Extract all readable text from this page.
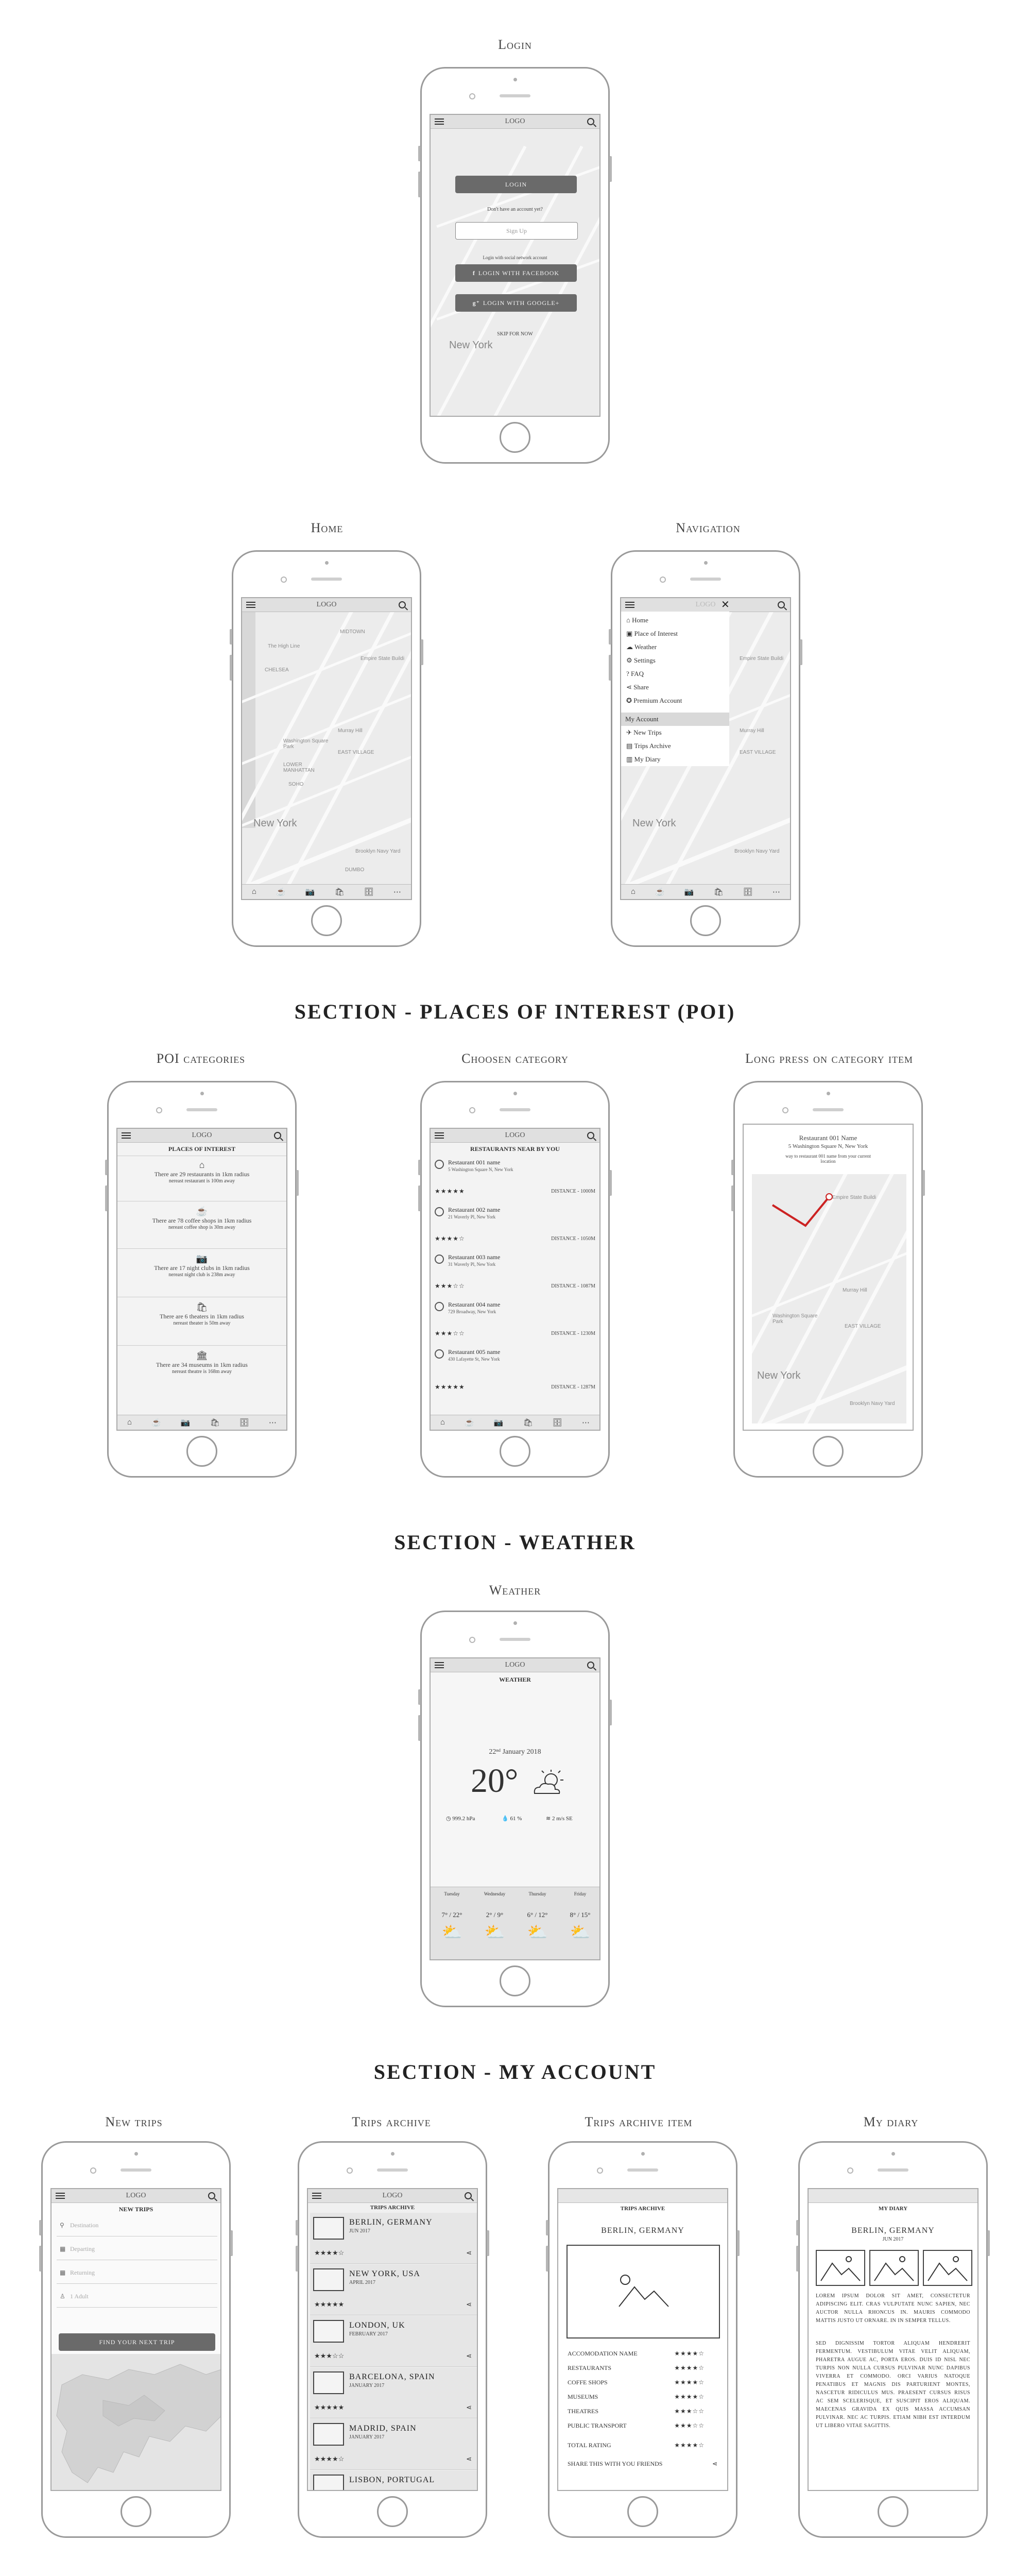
Login
Home	Navigation
SECTION - PLACES OF INTEREST (POI)
POI categories	Choosen category	Long press on category item
SECTION - WEATHER
Weather
SECTION - MY ACCOUNT
New trips	Trips archive	Trips archive item	My diary
New York
LOGO
LOGIN
Don't have an account yet?
Sign Up
Login with social network account
f LOGIN WITH FACEBOOK
g⁺ LOGIN WITH GOOGLE+
SKIP FOR NOW
MIDTOWN
The High Line
Empire State Buildi
CHELSEA
Murray Hill
Washington Square Park
EAST VILLAGE
LOWER MANHATTAN
SOHO
New York
Brooklyn Navy Yard
DUMBO
LOGO
⌂	☕	📷	🛍	🗄	⋯
Empire State Buildi
Murray Hill
EAST VILLAGE
New York
Brooklyn Navy Yard
LOGO ✕
⌂ Home
▣ Place of Interest
☁ Weather
⚙ Settings
? FAQ
⋖ Share
✪ Premium Account
My Account
✈ New Trips
▤ Trips Archive
▥ My Diary
⌂	☕	📷	🛍	🗄	⋯
LOGO
PLACES OF INTEREST
⌂
There are 29 restaurants in 1km radius
nereast restaurant is 100m away
☕
There are 78 coffee shops in 1km radius
nereast coffee shop is 30m away
📷
There are 17 night clubs in 1km radius
nereast night club is 238m away
🛍
There are 6 theaters in 1km radius
nereast theater is 50m away
🏛
There are 34 museums in 1km radius
nereast theatre is 168m away
⌂	☕	📷	🛍	🗄	⋯
LOGO
RESTAURANTS NEAR BY YOU
Restaurant 001 name
5 Washington Square N, New York
★★★★★	DISTANCE - 1000M
Restaurant 002 name
21 Waverly Pl, New York
★★★★☆	DISTANCE - 1050M
Restaurant 003 name
31 Waverly Pl, New York
★★★☆☆	DISTANCE - 1087M
Restaurant 004 name
729 Broadway, New York
★★★☆☆	DISTANCE - 1230M
Restaurant 005 name
430 Lafayette St, New York
★★★★★	DISTANCE - 1287M
⌂	☕	📷	🛍	🗄	⋯
Restaurant 001 Name
5 Washington Square N, New York
way to restaurant 001 name from your current location
Empire State Buildi
Murray Hill
Washington Square Park
EAST VILLAGE
New York
Brooklyn Navy Yard
LOGO
WEATHER
22ⁿᵈ January 2018
20°
◷ 999.2 hPa	💧 61 %	≋ 2 m/s SE
Tuesday
7° / 22°
⛅
Wednesday
2° / 9°
⛅
Thursday
6° / 12°
⛅
Friday
8° / 15°
⛅
LOGO
NEW TRIPS
⚲ Destination
▦ Departing
▦ Returning
♙ 1 Adult
FIND YOUR NEXT TRIP
LOGO
TRIPS ARCHIVE
BERLIN, GERMANY
JUN 2017
★★★★☆	⋖
NEW YORK, USA
APRIL 2017
★★★★★	⋖
LONDON, UK
FEBRUARY 2017
★★★☆☆	⋖
BARCELONA, SPAIN
JANUARY 2017
★★★★★	⋖
MADRID, SPAIN
JANUARY 2017
★★★★☆	⋖
LISBON, PORTUGAL
TRIPS ARCHIVE
BERLIN, GERMANY
ACCOMODATION NAME	★★★★☆
RESTAURANTS	★★★★☆
COFFE SHOPS	★★★★☆
MUSEUMS	★★★★☆
THEATRES	★★★☆☆
PUBLIC TRANSPORT	★★★☆☆
TOTAL RATING	★★★★☆
SHARE THIS WITH YOU FRIENDS	⋖
MY DIARY
BERLIN, GERMANY
JUN 2017
LOREM IPSUM DOLOR SIT AMET, CONSECTETUR ADIPISCING ELIT. CRAS VULPUTATE NUNC SAPIEN, NEC AUCTOR NULLA RHONCUS IN. MAURIS COMMODO MATTIS JUSTO UT ORNARE. IN IN SEMPER TELLUS.
SED DIGNISSIM TORTOR ALIQUAM HENDRERIT FERMENTUM. VESTIBULUM VITAE VELIT ALIQUAM, PHARETRA AUGUE AC, PORTA EROS. DUIS ID NISL NEC TURPIS NON NULLA CURSUS PULVINAR NUNC DAPIBUS VIVERRA ET COMMODO. ORCI VARIUS NATOQUE PENATIBUS ET MAGNIS DIS PARTURIENT MONTES, NASCETUR RIDICULUS MUS. PRAESENT CURSUS RISUS AC SEM SCELERISQUE, ET SUSCIPIT EROS ALIQUAM. MAECENAS GRAVIDA EX QUIS MASSA ACCUMSAN PULVINAR. NEC AC TURPIS. ETIAM NIBH EST INTERDUM UT LIBERO VITAE SAGITTIS.
